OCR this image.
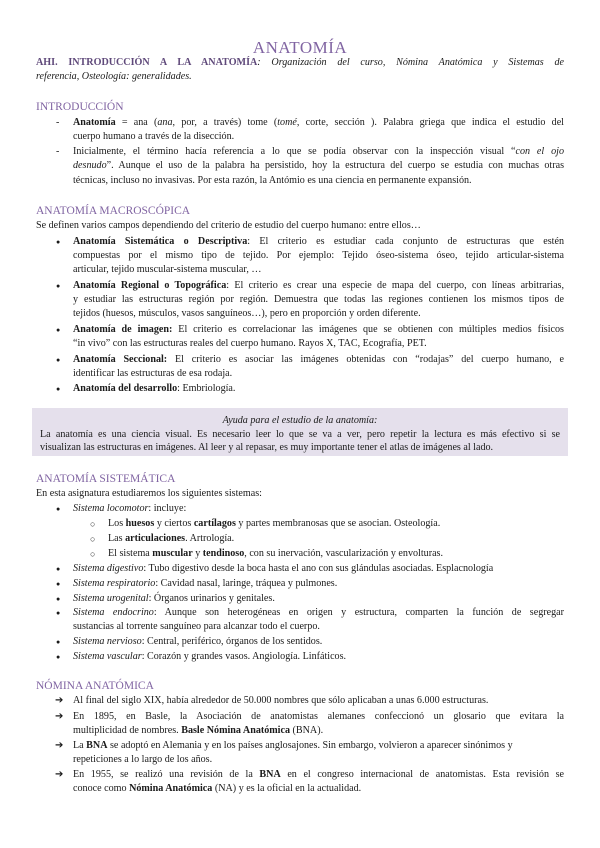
ANATOMÍA
AHI. INTRODUCCIÓN A LA ANATOMÍA: Organización del curso, Nómina Anatómica y Sistemas de
referencia, Osteología: generalidades.
INTRODUCCIÓN
- Anatomía = ana (ana, por, a través) tome (tomé, corte, sección ). Palabra griega que indica el estudio del
cuerpo humano a través de la disección.
- Inicialmente, el término hacía referencia a lo que se podía observar con la inspección visual “con el ojo
desnudo”. Aunque el uso de la palabra ha persistido, hoy la estructura del cuerpo se estudia con muchas otras
técnicas, incluso no invasivas. Por esta razón, la Antómio es una ciencia en permanente expansión.
ANATOMÍA MACROSCÓPICA
Se definen varios campos dependiendo del criterio de estudio del cuerpo humano: entre ellos…
● Anatomía Sistemática o Descriptiva: El criterio es estudiar cada conjunto de estructuras que estén
compuestas por el mismo tipo de tejido. Por ejemplo: Tejido óseo-sistema óseo, tejido articular-sistema
articular, tejido muscular-sistema muscular, …
● Anatomía Regional o Topográfica: El criterio es crear una especie de mapa del cuerpo, con líneas arbitrarias,
y estudiar las estructuras región por región. Demuestra que todas las regiones contienen los mismos tipos de
tejidos (huesos, músculos, vasos sanguíneos…), pero en proporción y orden diferente.
● Anatomía de imagen: El criterio es correlacionar las imágenes que se obtienen con múltiples medios físicos
“in vivo” con las estructuras reales del cuerpo humano. Rayos X, TAC, Ecografía, PET.
● Anatomía Seccional: El criterio es asociar las imágenes obtenidas con “rodajas” del cuerpo humano, e
identificar las estructuras de esa rodaja.
● Anatomía del desarrollo: Embriología.
Ayuda para el estudio de la anatomía:
La anatomía es una ciencia visual. Es necesario leer lo que se va a ver, pero repetir la lectura es más efectivo si se
visualizan las estructuras en imágenes. Al leer y al repasar, es muy importante tener el atlas de imágenes al lado.
ANATOMÍA SISTEMÁTICA
En esta asignatura estudiaremos los siguientes sistemas:
● Sistema locomotor: incluye:
○ Los huesos y ciertos cartílagos y partes membranosas que se asocian. Osteología.
○ Las articulaciones. Artrología.
○ El sistema muscular y tendinoso, con su inervación, vascularización y envolturas.
● Sistema digestivo: Tubo digestivo desde la boca hasta el ano con sus glándulas asociadas. Esplacnología
● Sistema respiratorio: Cavidad nasal, laringe, tráquea y pulmones.
● Sistema urogenital: Órganos urinarios y genitales.
● Sistema endocrino: Aunque son heterogéneas en origen y estructura, comparten la función de segregar
sustancias al torrente sanguíneo para alcanzar todo el cuerpo.
● Sistema nervioso: Central, periférico, órganos de los sentidos.
● Sistema vascular: Corazón y grandes vasos. Angiología. Linfáticos.
NÓMINA ANATÓMICA
➔ Al final del siglo XIX, había alrededor de 50.000 nombres que sólo aplicaban a unas 6.000 estructuras.
➔ En 1895, en Basle, la Asociación de anatomistas alemanes confeccionó un glosario que evitara la
multiplicidad de nombres. Basle Nómina Anatómica (BNA).
➔ La BNA se adoptó en Alemania y en los países anglosajones. Sin embargo, volvieron a aparecer sinónimos y
repeticiones a lo largo de los años.
➔ En 1955, se realizó una revisión de la BNA en el congreso internacional de anatomistas. Esta revisión se
conoce como Nómina Anatómica (NA) y es la oficial en la actualidad.
